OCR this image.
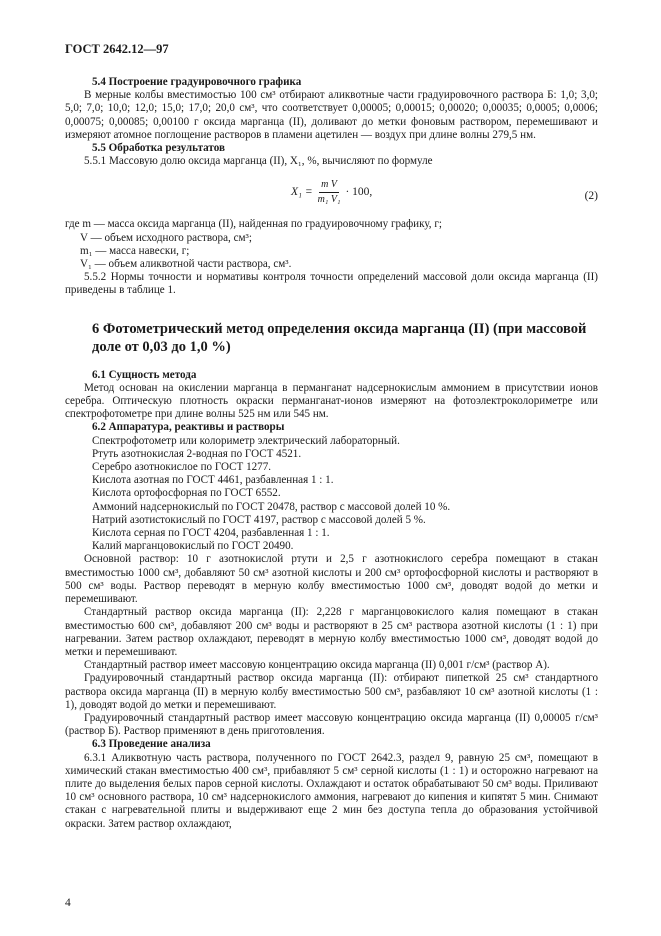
ГОСТ 2642.12—97

5.4 Построение градуировочного графика

В мерные колбы вместимостью 100 см³ отбирают аликвотные части градуировочного раствора Б: 1,0; 3,0; 5,0; 7,0; 10,0; 12,0; 15,0; 17,0; 20,0 см³, что соответствует 0,00005; 0,00015; 0,00020; 0,00035; 0,0005; 0,0006; 0,00075; 0,00085; 0,00100 г оксида марганца (II), доливают до метки фоновым раствором, перемешивают и измеряют атомное поглощение растворов в пламени ацетилен — воздух при длине волны 279,5 нм.

5.5 Обработка результатов

5.5.1 Массовую долю оксида марганца (II), X₁, %, вычисляют по формуле

$X_1 = \frac{\text{m V}}{\text{m₁ V₁}} \cdot 100$,	(2)

где m — масса оксида марганца (II), найденная по градуировочному графику, г;

V — объем исходного раствора, см³;

m₁ — масса навески, г;

V₁ — объем аликвотной части раствора, см³.

5.5.2 Нормы точности и нормативы контроля точности определений массовой доли оксида марганца (II) приведены в таблице 1.

6 Фотометрический метод определения оксида марганца (II) (при массовой доле от 0,03 до 1,0 %)

6.1 Сущность метода

Метод основан на окислении марганца в перманганат надсернокислым аммонием в присутствии ионов серебра. Оптическую плотность окраски перманганат-ионов измеряют на фотоэлектроколориметре или спектрофотометре при длине волны 525 нм или 545 нм.

6.2 Аппаратура, реактивы и растворы

Спектрофотометр или колориметр электрический лабораторный.

Ртуть азотнокислая 2-водная по ГОСТ 4521.

Серебро азотнокислое по ГОСТ 1277.

Кислота азотная по ГОСТ 4461, разбавленная 1 : 1.

Кислота ортофосфорная по ГОСТ 6552.

Аммоний надсернокислый по ГОСТ 20478, раствор с массовой долей 10 %.

Натрий азотистокислый по ГОСТ 4197, раствор с массовой долей 5 %.

Кислота серная по ГОСТ 4204, разбавленная 1 : 1.

Калий марганцовокислый по ГОСТ 20490.

Основной раствор: 10 г азотнокислой ртути и 2,5 г азотнокислого серебра помещают в стакан вместимостью 1000 см³, добавляют 50 см³ азотной кислоты и 200 см³ ортофосфорной кислоты и растворяют в 500 см³ воды. Раствор переводят в мерную колбу вместимостью 1000 см³, доводят водой до метки и перемешивают.

Стандартный раствор оксида марганца (II): 2,228 г марганцовокислого калия помещают в стакан вместимостью 600 см³, добавляют 200 см³ воды и растворяют в 25 см³ раствора азотной кислоты (1 : 1) при нагревании. Затем раствор охлаждают, переводят в мерную колбу вместимостью 1000 см³, доводят водой до метки и перемешивают.

Стандартный раствор имеет массовую концентрацию оксида марганца (II) 0,001 г/см³ (раствор А).

Градуировочный стандартный раствор оксида марганца (II): отбирают пипеткой 25 см³ стандартного раствора оксида марганца (II) в мерную колбу вместимостью 500 см³, разбавляют 10 см³ азотной кислоты (1 : 1), доводят водой до метки и перемешивают.

Градуировочный стандартный раствор имеет массовую концентрацию оксида марганца (II) 0,00005 г/см³ (раствор Б). Раствор применяют в день приготовления.

6.3 Проведение анализа

6.3.1 Аликвотную часть раствора, полученного по ГОСТ 2642.3, раздел 9, равную 25 см³, помещают в химический стакан вместимостью 400 см³, прибавляют 5 см³ серной кислоты (1 : 1) и осторожно нагревают на плите до выделения белых паров серной кислоты. Охлаждают и остаток обрабатывают 50 см³ воды. Приливают 10 см³ основного раствора, 10 см³ надсернокислого аммония, нагревают до кипения и кипятят 5 мин. Снимают стакан с нагревательной плиты и выдерживают еще 2 мин без доступа тепла до образования устойчивой окраски. Затем раствор охлаждают,

4
